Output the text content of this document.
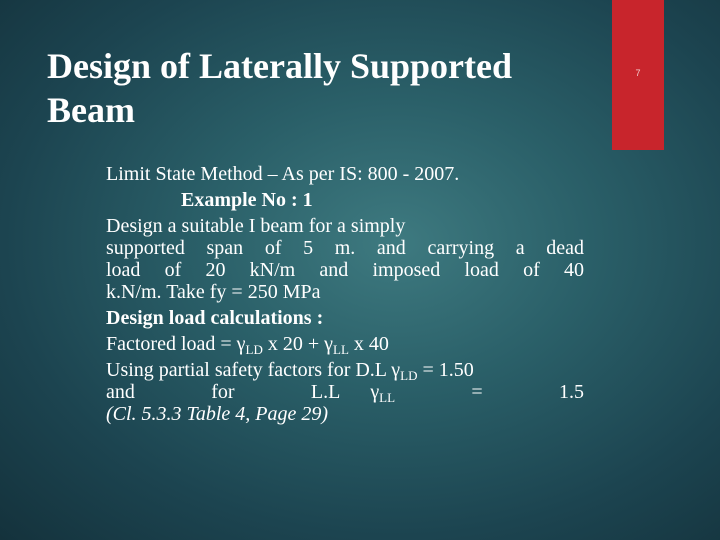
7
Design of Laterally Supported Beam
Limit State Method – As per IS: 800 - 2007.
Example No : 1
Design a suitable I beam for a simply
supported span of 5 m. and carrying a dead
load of 20 kN/m and imposed load of 40
k.N/m. Take fy = 250 MPa
Design load calculations :
Factored load = $\gamma_{LD}$ x $20 + \gamma_{LL}$ x 40
Using partial safety factors for D.L $\gamma_{LD} = 1.50$
and	for	L.L $\gamma_{LL}$	=	1.5
(Cl. 5.3.3 Table 4, Page 29)
